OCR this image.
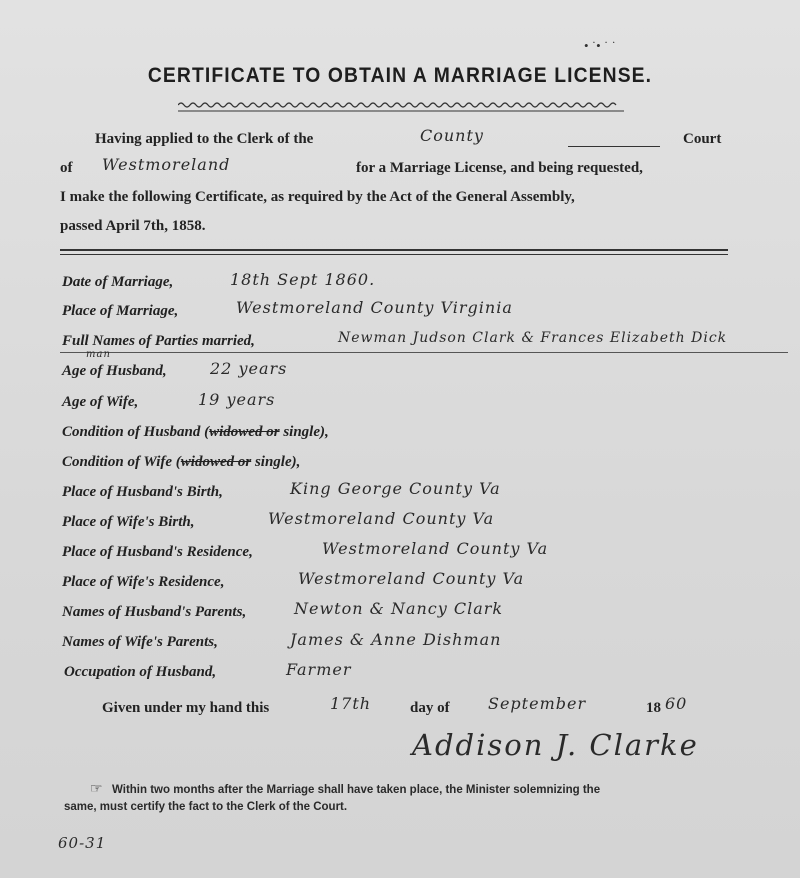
• ˙• ˙ ˙
CERTIFICATE TO OBTAIN A MARRIAGE LICENSE.
Having applied to the Clerk of the	County	Court
of Westmoreland	for a Marriage License, and being requested,
I make the following Certificate, as required by the Act of the General Assembly,
passed April 7th, 1858.
Date of Marriage,	18th Sept 1860.
Place of Marriage,	Westmoreland County Virginia
Full Names of Parties married,	Newman Judson Clark & Frances Elizabeth Dick
man
Age of Husband,	22 years
Age of Wife,	19 years
Condition of Husband (widowed or single),
Condition of Wife (widowed or single),
Place of Husband's Birth,	King George County Va
Place of Wife's Birth,	Westmoreland County Va
Place of Husband's Residence,	Westmoreland County Va
Place of Wife's Residence,	Westmoreland County Va
Names of Husband's Parents,	Newton & Nancy Clark
Names of Wife's Parents,	James & Anne Dishman
Occupation of Husband,	Farmer
Given under my hand this	17th	day of September	18 60
Addison J. Clarke
☞ Within two months after the Marriage shall have taken place, the Minister solemnizing the
same, must certify the fact to the Clerk of the Court.
60-31
